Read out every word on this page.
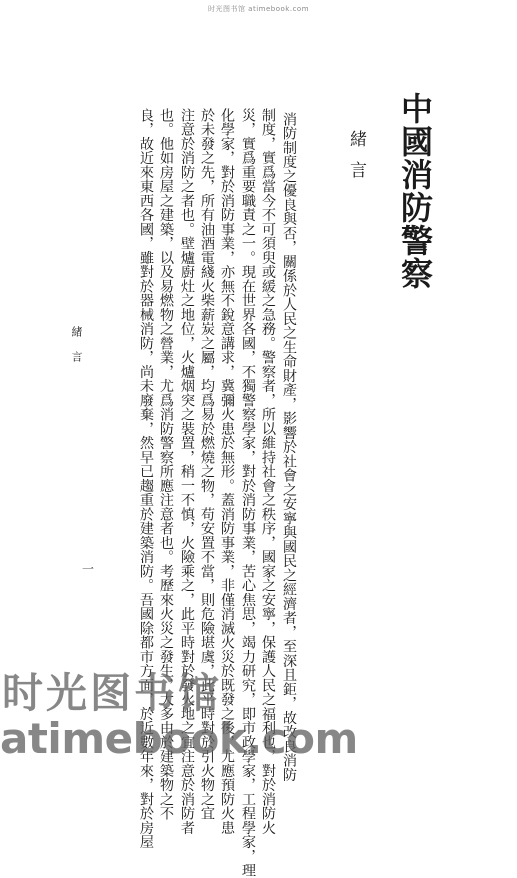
时光图书馆 atimebook.com
中國消防警察
緒言
消防制度之優良與否，關係於人民之生命財產，影響於社會之安寧與國民之經濟者，至深且鉅，故改良消防
制度，實爲當今不可須臾或緩之急務。警察者，所以維持社會之秩序，國家之安寧，保護人民之福利也，對於消防火
災，實爲重要職責之一。現在世界各國，不獨警察學家，對於消防事業，苦心焦思，竭力研究，即市政學家，工程學家，理
化學家，對於消防事業，亦無不銳意講求，冀彌火患於無形。蓋消防事業，非僅消滅火災於既發之後，尤應預防火患
於未發之先，所有油酒電綫火柴薪炭之屬，均爲易於燃燒之物，苟安置不當，則危險堪虞，此平時對於引火物之宜
注意於消防之者也。壁爐廚灶之地位，火爐烟突之裝置，稍一不慎，火險乘之，此平時對於發火地之宜注意於消防者
也。他如房屋之建築，以及易燃物之營業，尤爲消防警察所應注意者也。考歷來火災之發生，大多由於建築物之不
良，故近來東西各國，雖對於器械消防，尚未廢棄，然早已趨重於建築消防。吾國除都市方面，於近數年來，對於房屋
緒言
一
时光图书馆
atimebook.com
